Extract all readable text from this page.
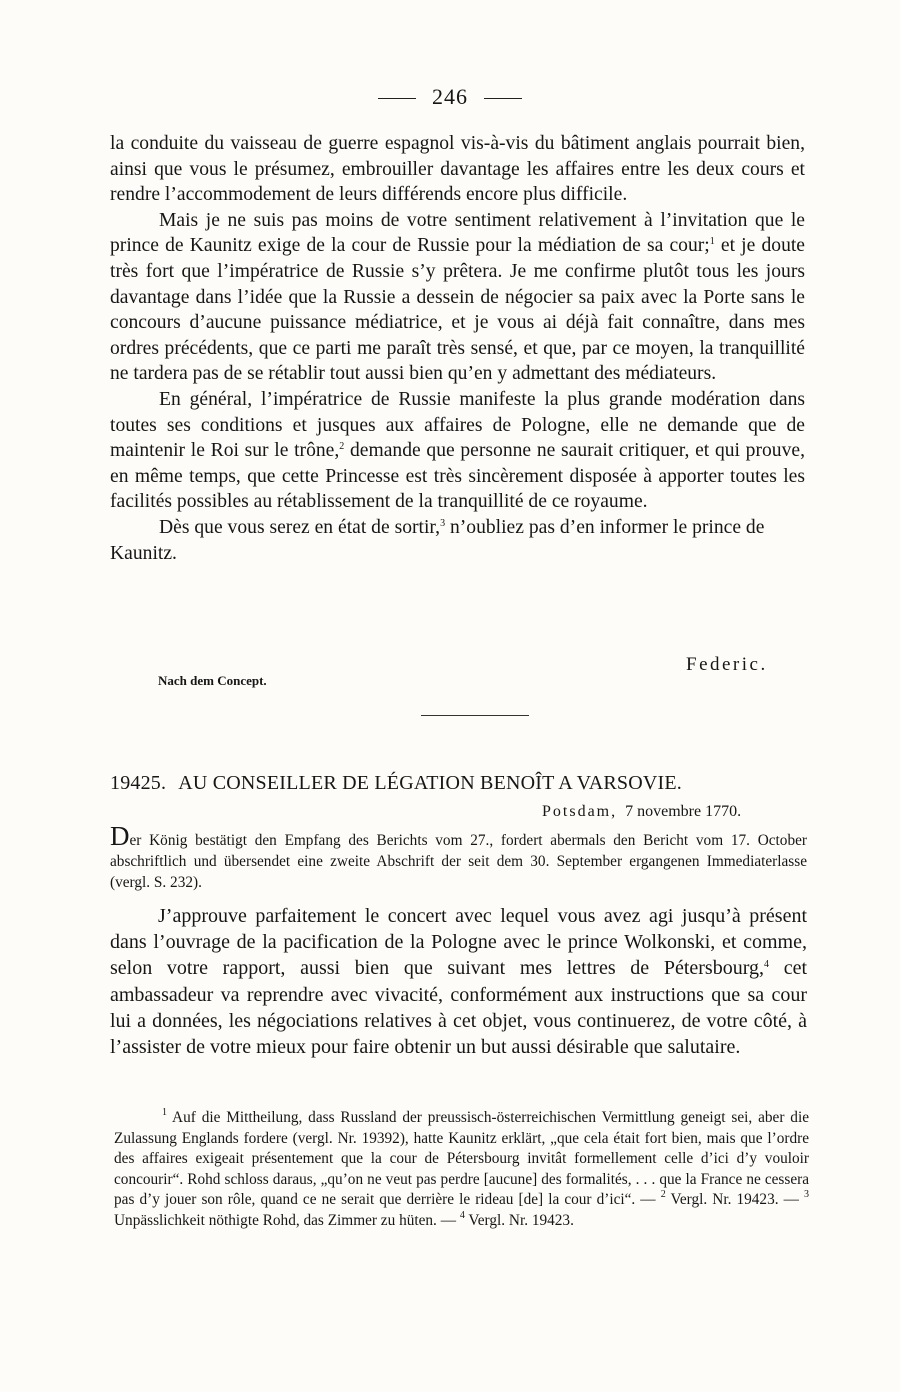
246

la conduite du vaisseau de guerre espagnol vis-à-vis du bâtiment anglais pourrait bien, ainsi que vous le présumez, embrouiller davantage les affaires entre les deux cours et rendre l’accommodement de leurs différends encore plus difficile.

Mais je ne suis pas moins de votre sentiment relativement à l’invitation que le prince de Kaunitz exige de la cour de Russie pour la médiation de sa cour;$^1$ et je doute très fort que l’impératrice de Russie s’y prêtera. Je me confirme plutôt tous les jours davantage dans l’idée que la Russie a dessein de négocier sa paix avec la Porte sans le concours d’aucune puissance médiatrice, et je vous ai déjà fait connaître, dans mes ordres précédents, que ce parti me paraît très sensé, et que, par ce moyen, la tranquillité ne tardera pas de se rétablir tout aussi bien qu’en y admettant des médiateurs.

En général, l’impératrice de Russie manifeste la plus grande modération dans toutes ses conditions et jusques aux affaires de Pologne, elle ne demande que de maintenir le Roi sur le trône,$^2$ demande que personne ne saurait critiquer, et qui prouve, en même temps, que cette Princesse est très sincèrement disposée à apporter toutes les facilités possibles au rétablissement de la tranquillité de ce royaume.

Dès que vous serez en état de sortir,$^3$ n’oubliez pas d’en informer le prince de Kaunitz.

Federic.
Nach dem Concept.
19425. AU CONSEILLER DE LÉGATION BENOÎT A VARSOVIE.
Potsdam, 7 novembre 1770.
Der König bestätigt den Empfang des Berichts vom 27., fordert abermals den Bericht vom 17. October abschriftlich und übersendet eine zweite Abschrift der seit dem 30. September ergangenen Immediaterlasse (vergl. S. 232).

J’approuve parfaitement le concert avec lequel vous avez agi jusqu’à présent dans l’ouvrage de la pacification de la Pologne avec le prince Wolkonski, et comme, selon votre rapport, aussi bien que suivant mes lettres de Pétersbourg,$^4$ cet ambassadeur va reprendre avec vivacité, conformément aux instructions que sa cour lui a données, les négociations relatives à cet objet, vous continuerez, de votre côté, à l’assister de votre mieux pour faire obtenir un but aussi désirable que salutaire.

$^1$ Auf die Mittheilung, dass Russland der preussisch-österreichischen Vermittlung geneigt sei, aber die Zulassung Englands fordere (vergl. Nr. 19392), hatte Kaunitz erklärt, „que cela était fort bien, mais que l’ordre des affaires exigeait présentement que la cour de Pétersbourg invitât formellement celle d’ici d’y vouloir concourir“. Rohd schloss daraus, „qu’on ne veut pas perdre [aucune] des formalités, . . . que la France ne cessera pas d’y jouer son rôle, quand ce ne serait que derrière le rideau [de] la cour d’ici“. — $^2$ Vergl. Nr. 19423. — $^3$ Unpässlichkeit nöthigte Rohd, das Zimmer zu hüten. — $^4$ Vergl. Nr. 19423.
